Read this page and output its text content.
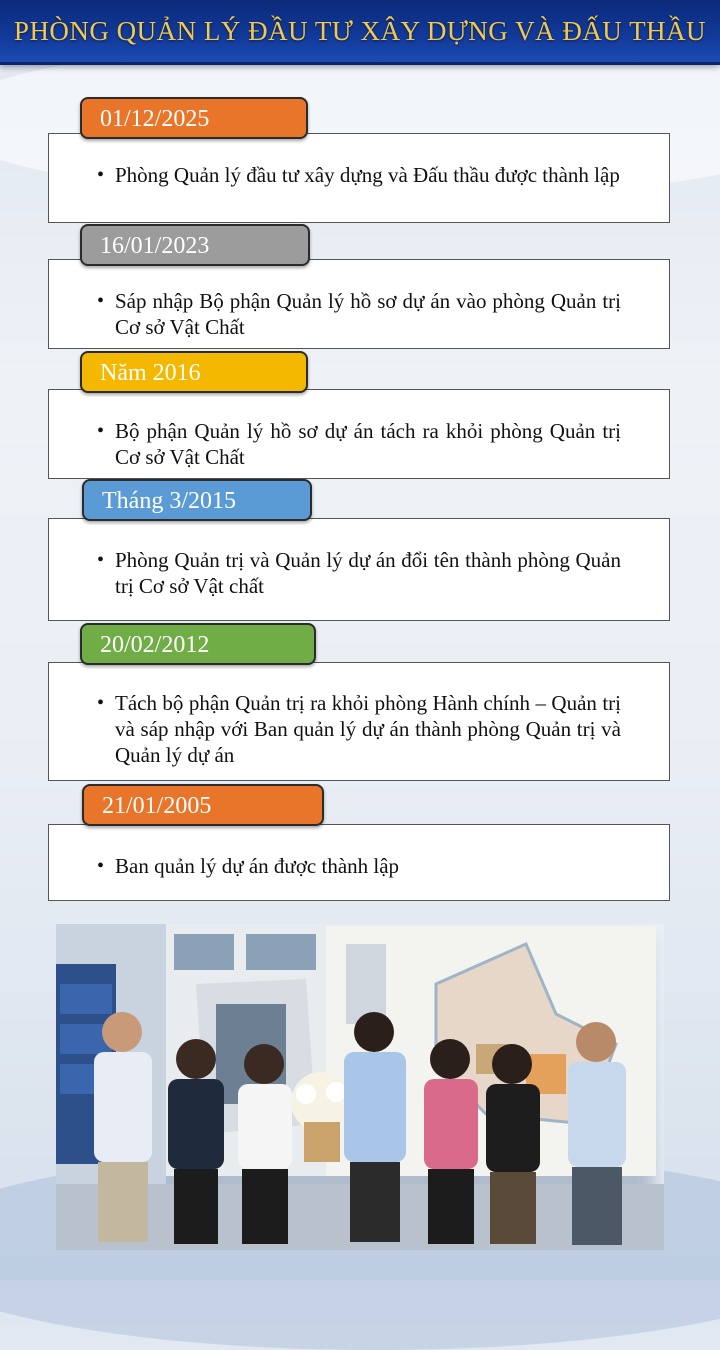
PHÒNG QUẢN LÝ ĐẦU TƯ XÂY DỰNG VÀ ĐẤU THẦU
• Phòng Quản lý đầu tư xây dựng và Đấu thầu được thành lập
01/12/2025
• Sáp nhập Bộ phận Quản lý hồ sơ dự án vào phòng Quản trị Cơ sở Vật Chất
16/01/2023
• Bộ phận Quản lý hồ sơ dự án tách ra khỏi phòng Quản trị Cơ sở Vật Chất
Năm 2016
• Phòng Quản trị và Quản lý dự án đổi tên thành phòng Quản trị Cơ sở Vật chất
Tháng 3/2015
• Tách bộ phận Quản trị ra khỏi phòng Hành chính – Quản trị và sáp nhập với Ban quản lý dự án thành phòng Quản trị và Quản lý dự án
20/02/2012
• Ban quản lý dự án được thành lập
21/01/2005
